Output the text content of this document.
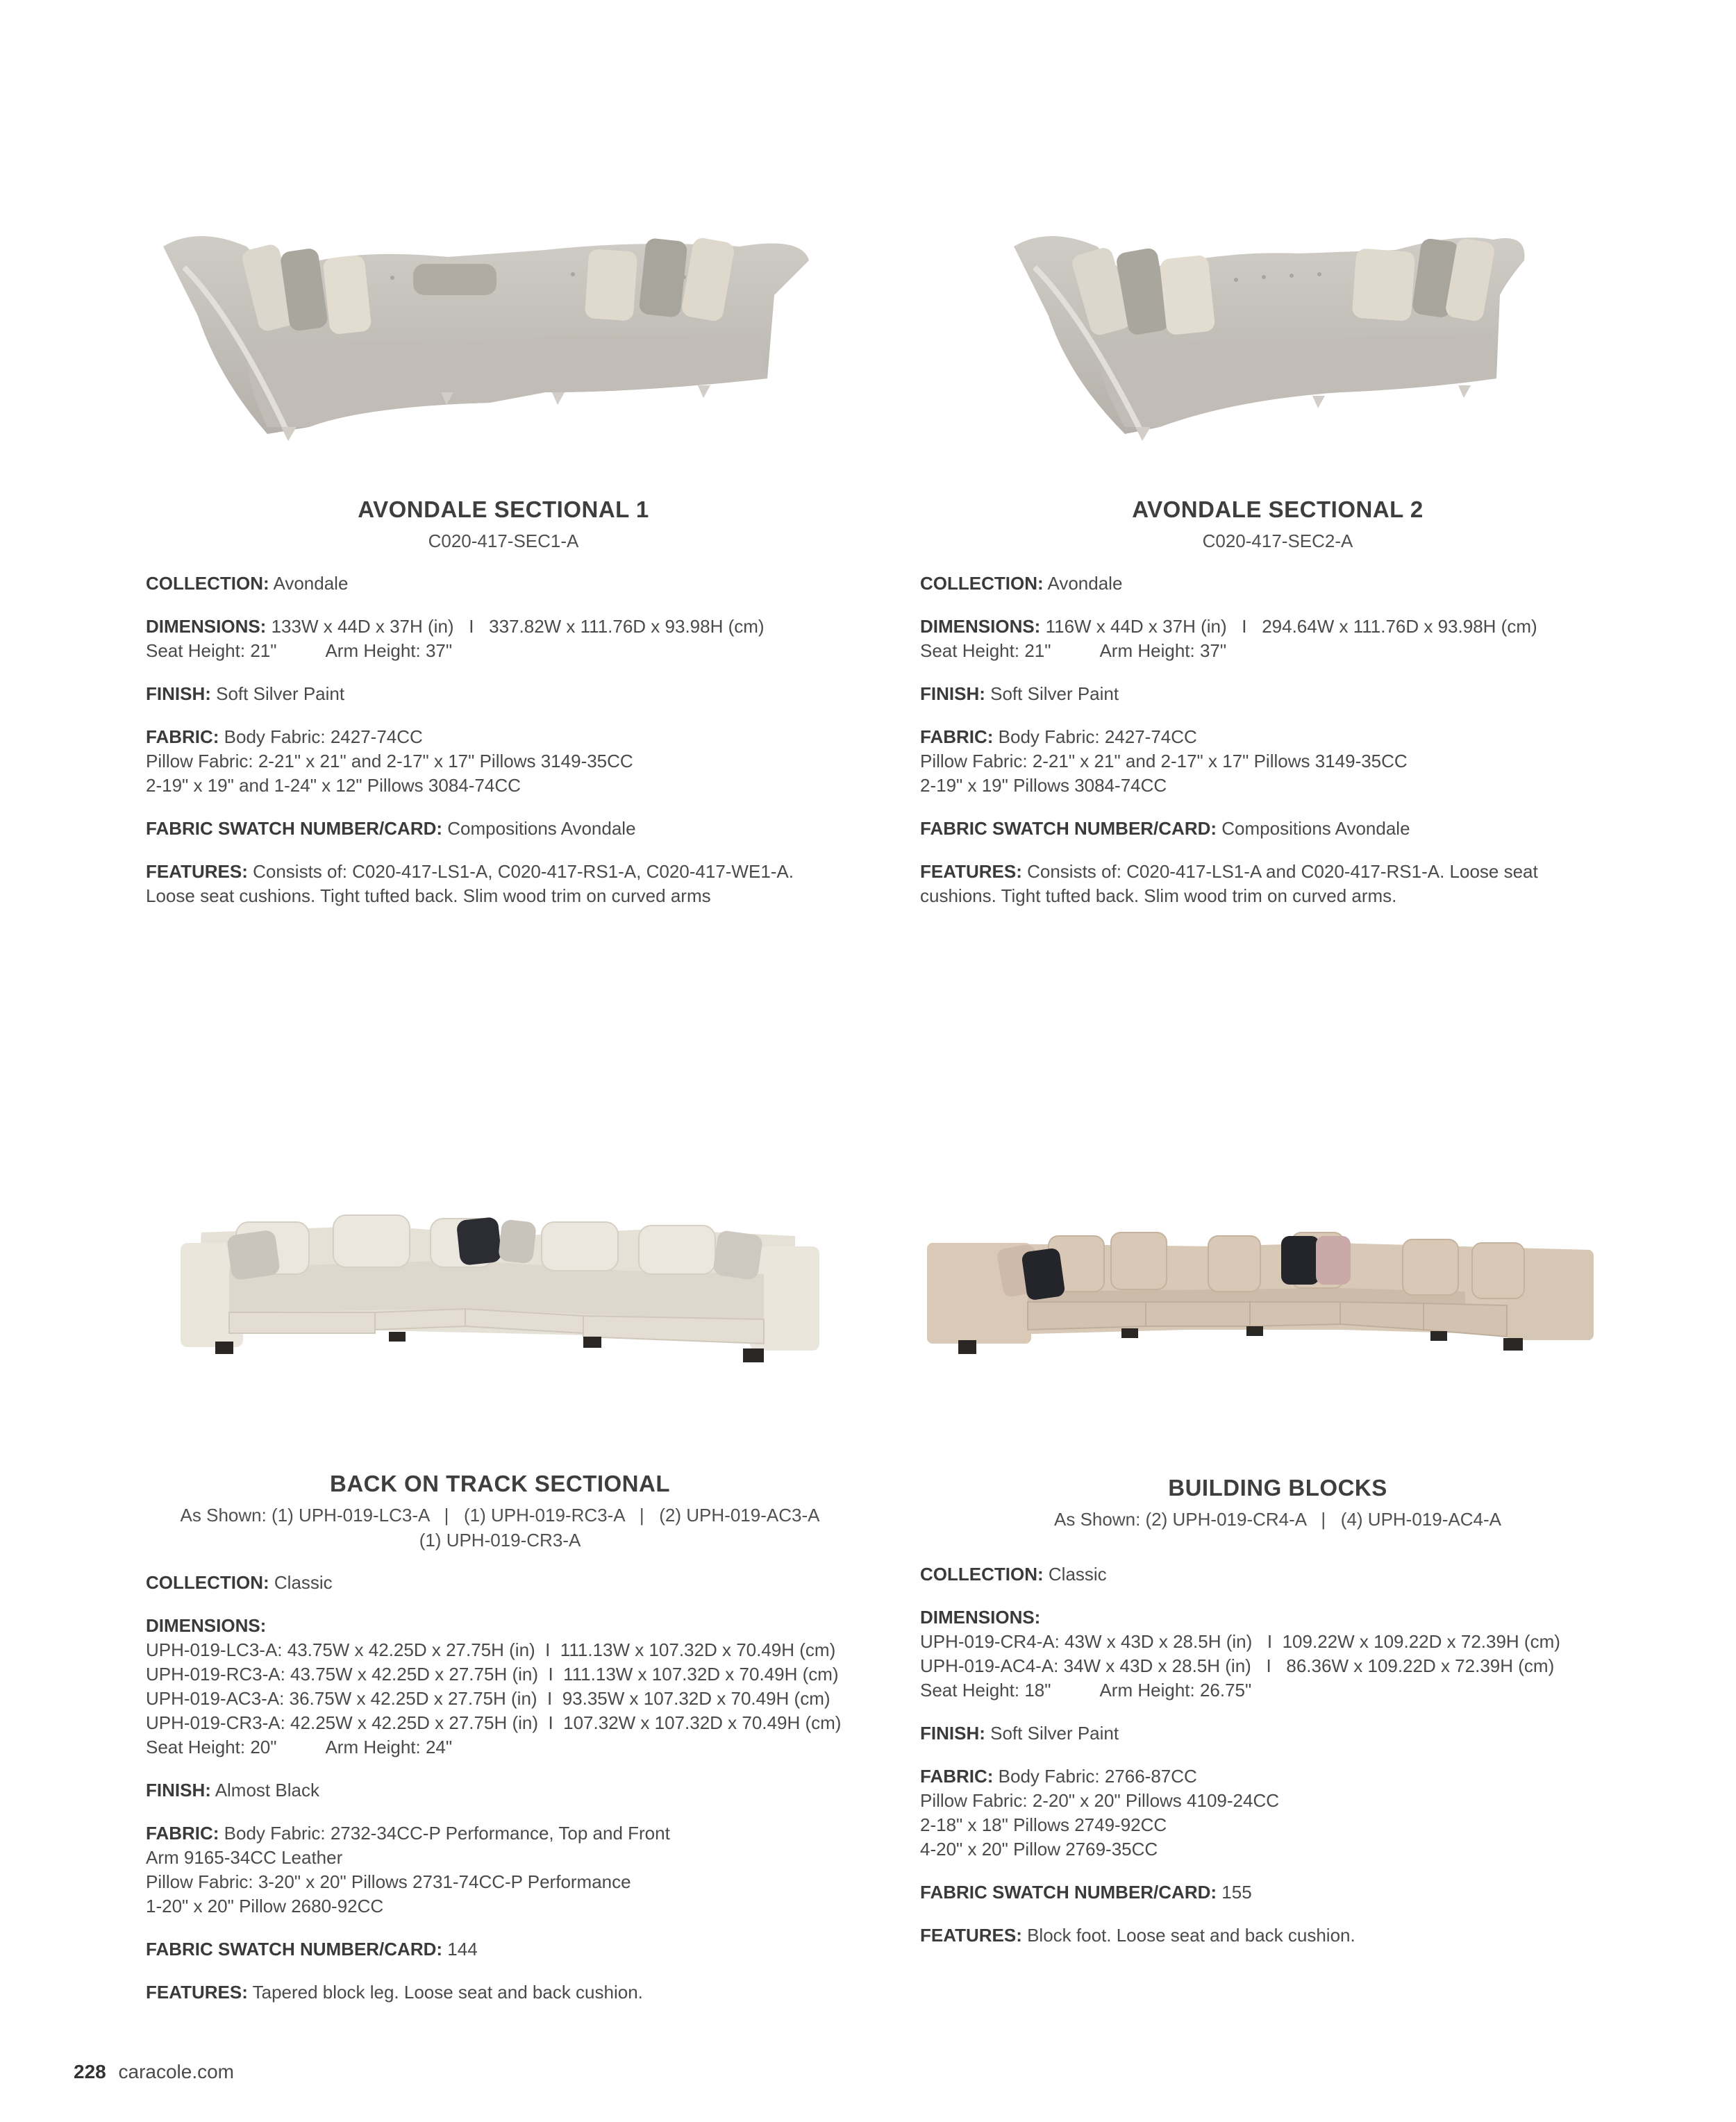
AVONDALE SECTIONAL 1
C020-417-SEC1-A
COLLECTION: Avondale
DIMENSIONS: 133W x 44D x 37H (in)   I   337.82W x 111.76D x 93.98H (cm)
Seat Height: 21"	Arm Height: 37"
FINISH: Soft Silver Paint
FABRIC: Body Fabric: 2427-74CC
Pillow Fabric: 2-21" x 21" and 2-17" x 17" Pillows 3149-35CC
2-19" x 19" and 1-24" x 12" Pillows 3084-74CC
FABRIC SWATCH NUMBER/CARD: Compositions Avondale
FEATURES: Consists of: C020-417-LS1-A, C020-417-RS1-A, C020-417-WE1-A.
Loose seat cushions. Tight tufted back. Slim wood trim on curved arms
AVONDALE SECTIONAL 2
C020-417-SEC2-A
COLLECTION: Avondale
DIMENSIONS: 116W x 44D x 37H (in)   I   294.64W x 111.76D x 93.98H (cm)
Seat Height: 21"	Arm Height: 37"
FINISH: Soft Silver Paint
FABRIC: Body Fabric: 2427-74CC
Pillow Fabric: 2-21" x 21" and 2-17" x 17" Pillows 3149-35CC
2-19" x 19" Pillows 3084-74CC
FABRIC SWATCH NUMBER/CARD: Compositions Avondale
FEATURES: Consists of: C020-417-LS1-A and C020-417-RS1-A. Loose seat
cushions. Tight tufted back. Slim wood trim on curved arms.
BACK ON TRACK SECTIONAL
As Shown: (1) UPH-019-LC3-A   |   (1) UPH-019-RC3-A   |   (2) UPH-019-AC3-A
(1) UPH-019-CR3-A
COLLECTION: Classic
DIMENSIONS:
UPH-019-LC3-A: 43.75W x 42.25D x 27.75H (in)  I  111.13W x 107.32D x 70.49H (cm)
UPH-019-RC3-A: 43.75W x 42.25D x 27.75H (in)  I  111.13W x 107.32D x 70.49H (cm)
UPH-019-AC3-A: 36.75W x 42.25D x 27.75H (in)  I  93.35W x 107.32D x 70.49H (cm)
UPH-019-CR3-A: 42.25W x 42.25D x 27.75H (in)  I  107.32W x 107.32D x 70.49H (cm)
Seat Height: 20"	Arm Height: 24"
FINISH: Almost Black
FABRIC: Body Fabric: 2732-34CC-P Performance, Top and Front
Arm 9165-34CC Leather
Pillow Fabric: 3-20" x 20" Pillows 2731-74CC-P Performance
1-20" x 20" Pillow 2680-92CC
FABRIC SWATCH NUMBER/CARD: 144
FEATURES: Tapered block leg. Loose seat and back cushion.
BUILDING BLOCKS
As Shown: (2) UPH-019-CR4-A   |   (4) UPH-019-AC4-A
COLLECTION: Classic
DIMENSIONS:
UPH-019-CR4-A: 43W x 43D x 28.5H (in)   I  109.22W x 109.22D x 72.39H (cm)
UPH-019-AC4-A: 34W x 43D x 28.5H (in)   I   86.36W x 109.22D x 72.39H (cm)
Seat Height: 18"	Arm Height: 26.75"
FINISH: Soft Silver Paint
FABRIC: Body Fabric: 2766-87CC
Pillow Fabric: 2-20" x 20" Pillows 4109-24CC
2-18" x 18" Pillows 2749-92CC
4-20" x 20" Pillow 2769-35CC
FABRIC SWATCH NUMBER/CARD: 155
FEATURES: Block foot. Loose seat and back cushion.
228 caracole.com
